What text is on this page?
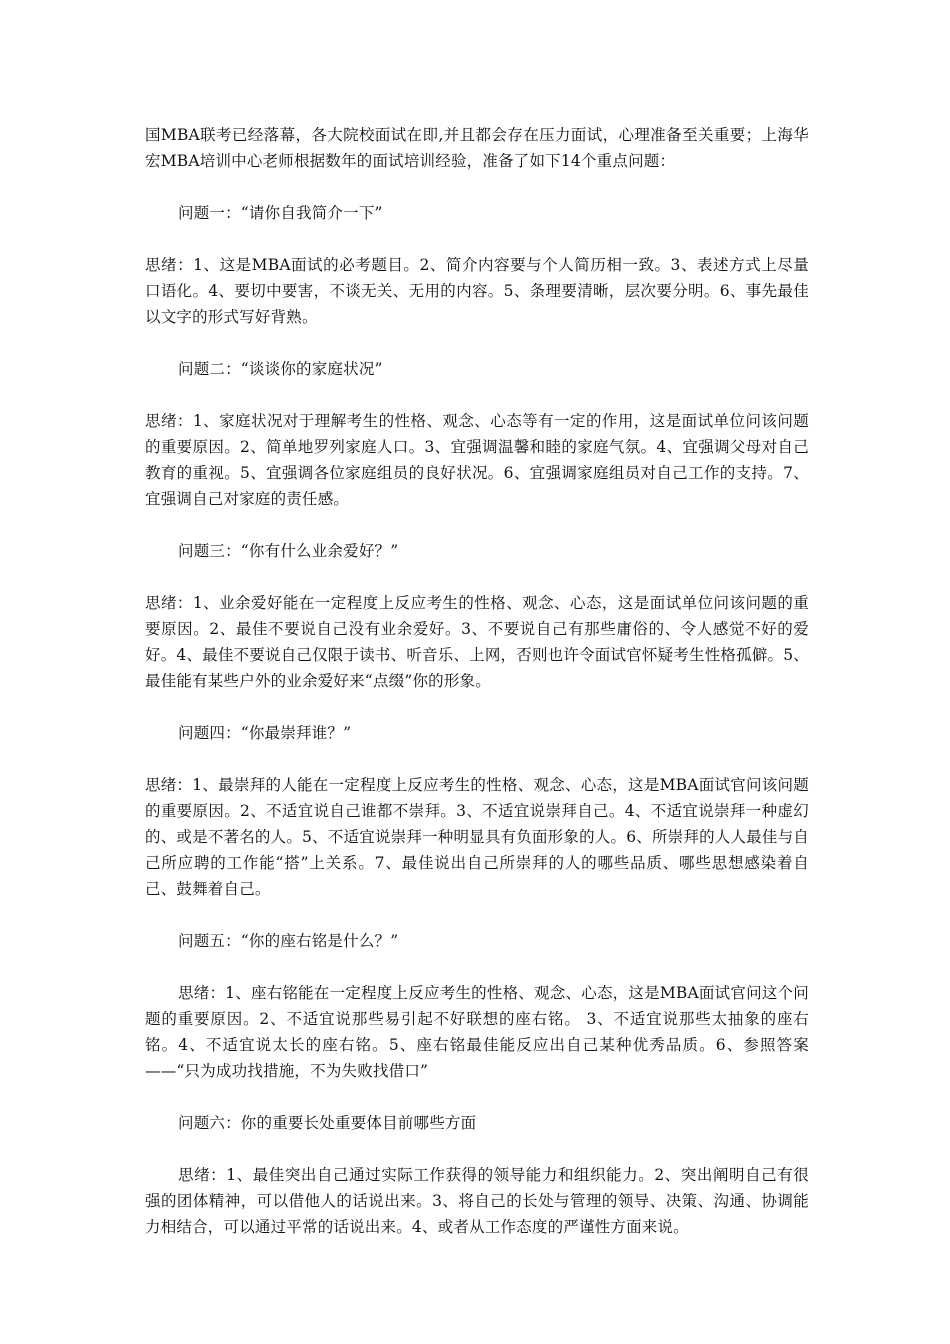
国MBA联考已经落幕，各大院校面试在即,并且都会存在压力面试，心理准备至关重要；上海华宏MBA培训中心老师根据数年的面试培训经验，准备了如下14个重点问题：

问题一：“请你自我简介一下”

思绪：1、这是MBA面试的必考题目。2、简介内容要与个人简历相一致。3、表述方式上尽量口语化。4、要切中要害，不谈无关、无用的内容。5、条理要清晰，层次要分明。6、事先最佳以文字的形式写好背熟。

问题二：“谈谈你的家庭状况”

思绪：1、家庭状况对于理解考生的性格、观念、心态等有一定的作用，这是面试单位问该问题的重要原因。2、简单地罗列家庭人口。3、宜强调温馨和睦的家庭气氛。4、宜强调父母对自己教育的重视。5、宜强调各位家庭组员的良好状况。6、宜强调家庭组员对自己工作的支持。7、宜强调自己对家庭的责任感。

问题三：“你有什么业余爱好？”

思绪：1、业余爱好能在一定程度上反应考生的性格、观念、心态，这是面试单位问该问题的重要原因。2、最佳不要说自己没有业余爱好。3、不要说自己有那些庸俗的、令人感觉不好的爱好。4、最佳不要说自己仅限于读书、听音乐、上网，否则也许令面试官怀疑考生性格孤僻。5、最佳能有某些户外的业余爱好来“点缀”你的形象。

问题四：“你最崇拜谁？”

思绪：1、最崇拜的人能在一定程度上反应考生的性格、观念、心态，这是MBA面试官问该问题的重要原因。2、不适宜说自己谁都不崇拜。3、不适宜说崇拜自己。4、不适宜说崇拜一种虚幻的、或是不著名的人。5、不适宜说崇拜一种明显具有负面形象的人。6、所崇拜的人人最佳与自己所应聘的工作能“搭”上关系。7、最佳说出自己所崇拜的人的哪些品质、哪些思想感染着自己、鼓舞着自己。

问题五：“你的座右铭是什么？”

思绪：1、座右铭能在一定程度上反应考生的性格、观念、心态，这是MBA面试官问这个问题的重要原因。2、不适宜说那些易引起不好联想的座右铭。 3、不适宜说那些太抽象的座右铭。4、不适宜说太长的座右铭。5、座右铭最佳能反应出自己某种优秀品质。6、参照答案——“只为成功找措施，不为失败找借口”

问题六：你的重要长处重要体目前哪些方面

思绪：1、最佳突出自己通过实际工作获得的领导能力和组织能力。2、突出阐明自己有很强的团体精神，可以借他人的话说出来。3、将自己的长处与管理的领导、决策、沟通、协调能力相结合，可以通过平常的话说出来。4、或者从工作态度的严谨性方面来说。
